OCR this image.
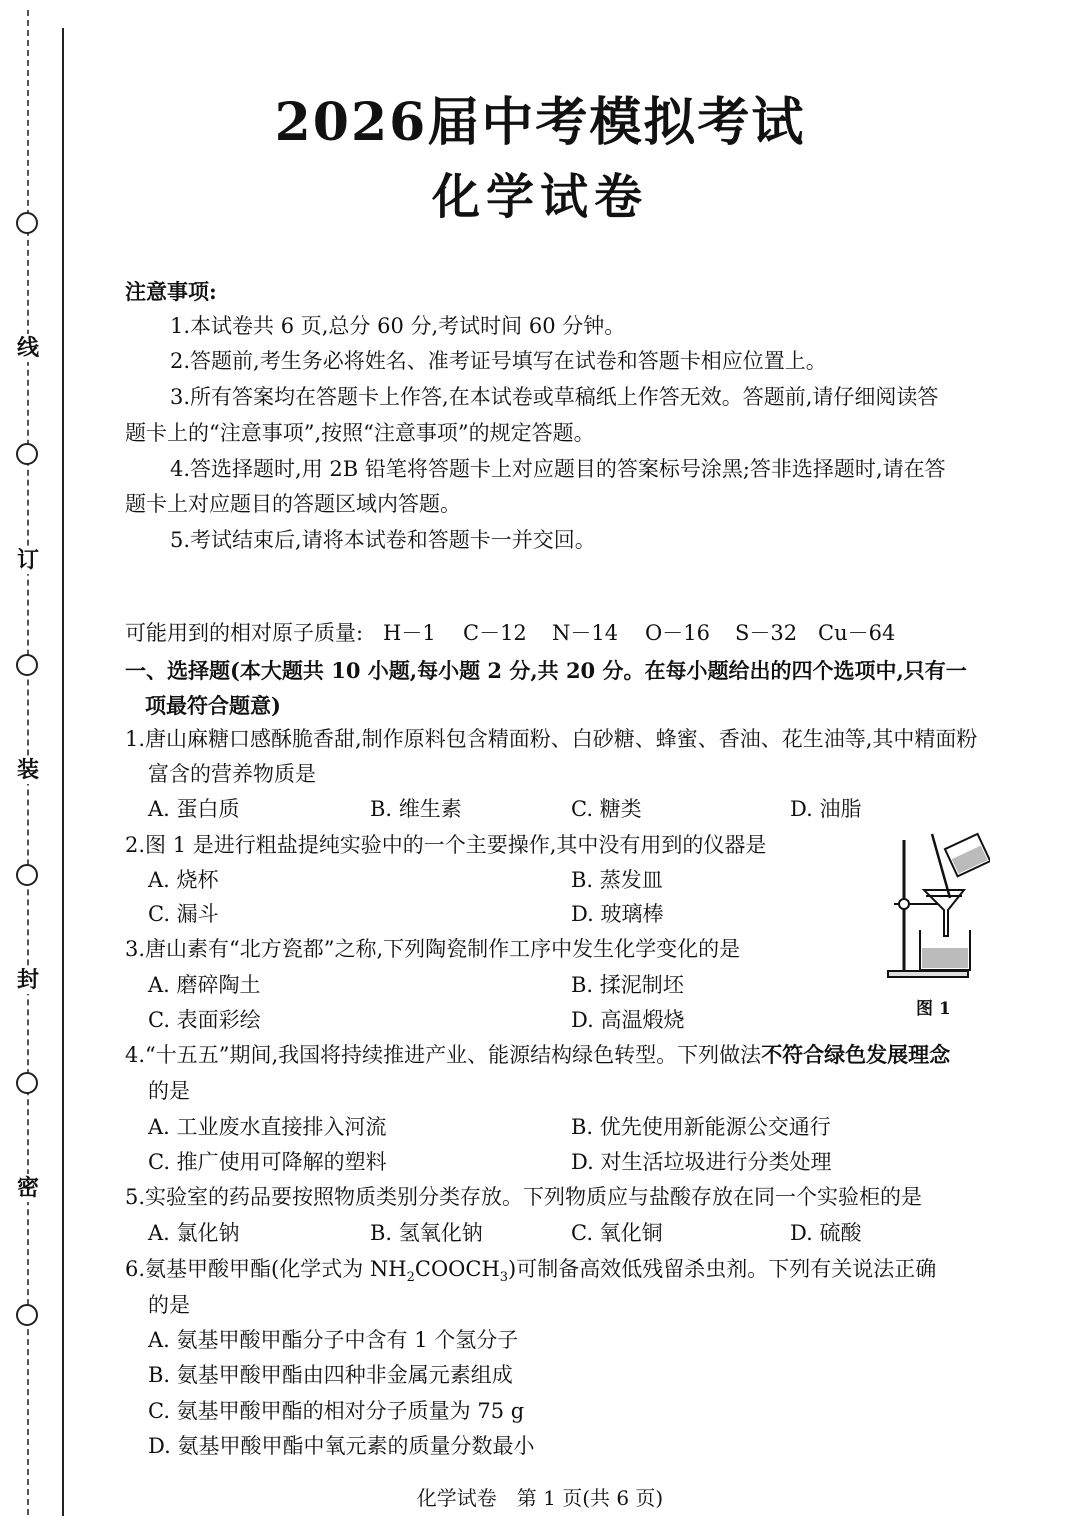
线
订
装
封
密
2026届中考模拟考试
化学试卷
注意事项:
1.本试卷共 6 页,总分 60 分,考试时间 60 分钟。
2.答题前,考生务必将姓名、准考证号填写在试卷和答题卡相应位置上。
3.所有答案均在答题卡上作答,在本试卷或草稿纸上作答无效。答题前,请仔细阅读答
题卡上的“注意事项”,按照“注意事项”的规定答题。
4.答选择题时,用 2B 铅笔将答题卡上对应题目的答案标号涂黑;答非选择题时,请在答
题卡上对应题目的答题区域内答题。
5.考试结束后,请将本试卷和答题卡一并交回。
可能用到的相对原子质量: H－1 C－12 N－14 O－16 S－32 Cu－64
一、选择题(本大题共 10 小题,每小题 2 分,共 20 分。在每小题给出的四个选项中,只有一
项最符合题意)
1.唐山麻糖口感酥脆香甜,制作原料包含精面粉、白砂糖、蜂蜜、香油、花生油等,其中精面粉
富含的营养物质是
A. 蛋白质	B. 维生素	C. 糖类	D. 油脂
2.图 1 是进行粗盐提纯实验中的一个主要操作,其中没有用到的仪器是
A. 烧杯	B. 蒸发皿
C. 漏斗	D. 玻璃棒
3.唐山素有“北方瓷都”之称,下列陶瓷制作工序中发生化学变化的是
A. 磨碎陶土	B. 揉泥制坯
C. 表面彩绘	D. 高温煅烧	图 1
4.“十五五”期间,我国将持续推进产业、能源结构绿色转型。下列做法不符合绿色发展理念
的是
A. 工业废水直接排入河流	B. 优先使用新能源公交通行
C. 推广使用可降解的塑料	D. 对生活垃圾进行分类处理
5.实验室的药品要按照物质类别分类存放。下列物质应与盐酸存放在同一个实验柜的是
A. 氯化钠	B. 氢氧化钠	C. 氧化铜	D. 硫酸
6.氨基甲酸甲酯(化学式为 $NH_2COOCH_3$)可制备高效低残留杀虫剂。下列有关说法正确
的是
A. 氨基甲酸甲酯分子中含有 1 个氢分子
B. 氨基甲酸甲酯由四种非金属元素组成
C. 氨基甲酸甲酯的相对分子质量为 75 g
D. 氨基甲酸甲酯中氧元素的质量分数最小
化学试卷　第 1 页(共 6 页)
